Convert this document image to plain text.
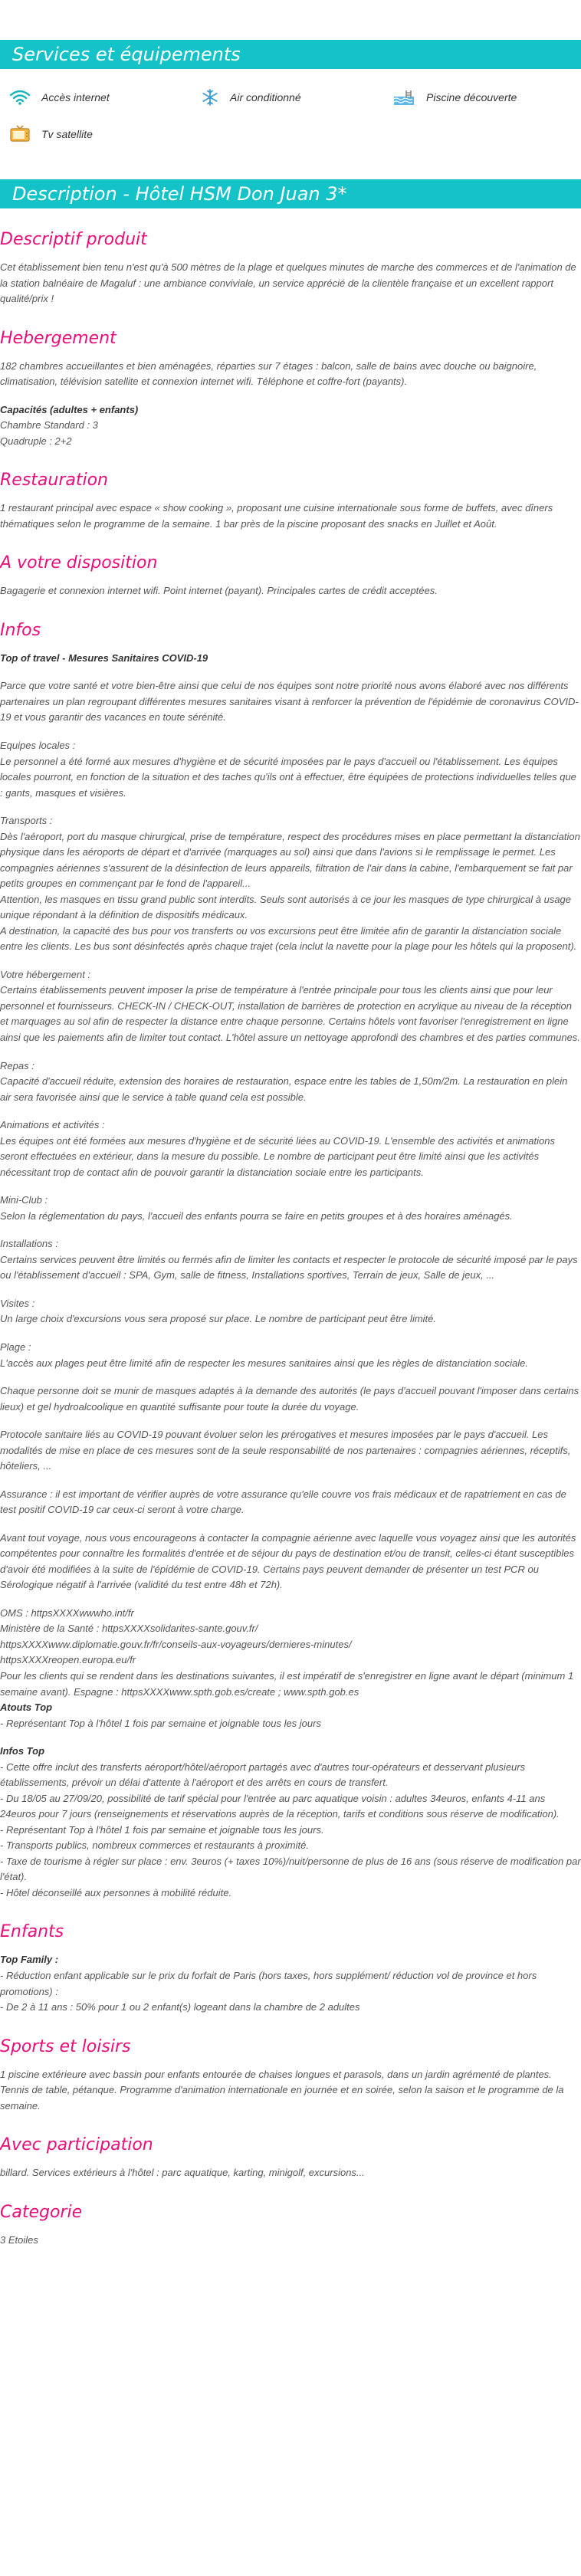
Services et équipements
Accès internet	Air conditionné	Piscine découverte
Tv satellite
Description - Hôtel HSM Don Juan 3*
Descriptif produit

Cet établissement bien tenu n'est qu'à 500 mètres de la plage et quelques minutes de marche des commerces et de l'animation de la station balnéaire de Magaluf : une ambiance conviviale, un service apprécié de la clientèle française et un excellent rapport qualité/prix !

Hebergement

182 chambres accueillantes et bien aménagées, réparties sur 7 étages : balcon, salle de bains avec douche ou baignoire, climatisation, télévision satellite et connexion internet wifi. Téléphone et coffre-fort (payants).

Capacités (adultes + enfants)

Chambre Standard : 3
Quadruple : 2+2

Restauration

1 restaurant principal avec espace « show cooking », proposant une cuisine internationale sous forme de buffets, avec dîners thématiques selon le programme de la semaine. 1 bar près de la piscine proposant des snacks en Juillet et Août.

A votre disposition

Bagagerie et connexion internet wifi. Point internet (payant). Principales cartes de crédit acceptées.

Infos

Top of travel - Mesures Sanitaires COVID-19

Parce que votre santé et votre bien-être ainsi que celui de nos équipes sont notre priorité nous avons élaboré avec nos différents partenaires un plan regroupant différentes mesures sanitaires visant à renforcer la prévention de l'épidémie de coronavirus COVID-19 et vous garantir des vacances en toute sérénité.

Equipes locales :
Le personnel a été formé aux mesures d'hygiène et de sécurité imposées par le pays d'accueil ou l'établissement. Les équipes locales pourront, en fonction de la situation et des taches qu'ils ont à effectuer, être équipées de protections individuelles telles que : gants, masques et visières.

Transports :
Dès l'aéroport, port du masque chirurgical, prise de température, respect des procédures mises en place permettant la distanciation physique dans les aéroports de départ et d'arrivée (marquages au sol) ainsi que dans l'avions si le remplissage le permet. Les compagnies aériennes s'assurent de la désinfection de leurs appareils, filtration de l'air dans la cabine, l'embarquement se fait par petits groupes en commençant par le fond de l'appareil...
Attention, les masques en tissu grand public sont interdits. Seuls sont autorisés à ce jour les masques de type chirurgical à usage unique répondant à la définition de dispositifs médicaux.
A destination, la capacité des bus pour vos transferts ou vos excursions peut être limitée afin de garantir la distanciation sociale entre les clients. Les bus sont désinfectés après chaque trajet (cela inclut la navette pour la plage pour les hôtels qui la proposent).

Votre hébergement :
Certains établissements peuvent imposer la prise de température à l'entrée principale pour tous les clients ainsi que pour leur personnel et fournisseurs. CHECK-IN / CHECK-OUT, installation de barrières de protection en acrylique au niveau de la réception et marquages au sol afin de respecter la distance entre chaque personne. Certains hôtels vont favoriser l'enregistrement en ligne ainsi que les paiements afin de limiter tout contact. L'hôtel assure un nettoyage approfondi des chambres et des parties communes.

Repas :
Capacité d'accueil réduite, extension des horaires de restauration, espace entre les tables de 1,50m/2m. La restauration en plein air sera favorisée ainsi que le service à table quand cela est possible.

Animations et activités :
Les équipes ont été formées aux mesures d'hygiène et de sécurité liées au COVID-19. L'ensemble des activités et animations seront effectuées en extérieur, dans la mesure du possible. Le nombre de participant peut être limité ainsi que les activités nécessitant trop de contact afin de pouvoir garantir la distanciation sociale entre les participants.

Mini-Club :
Selon la réglementation du pays, l'accueil des enfants pourra se faire en petits groupes et à des horaires aménagés.

Installations :
Certains services peuvent être limités ou fermés afin de limiter les contacts et respecter le protocole de sécurité imposé par le pays ou l'établissement d'accueil : SPA, Gym, salle de fitness, Installations sportives, Terrain de jeux, Salle de jeux, ...

Visites :
Un large choix d'excursions vous sera proposé sur place. Le nombre de participant peut être limité.

Plage :
L'accès aux plages peut être limité afin de respecter les mesures sanitaires ainsi que les règles de distanciation sociale.

Chaque personne doit se munir de masques adaptés à la demande des autorités (le pays d'accueil pouvant l'imposer dans certains lieux) et gel hydroalcoolique en quantité suffisante pour toute la durée du voyage.

Protocole sanitaire liés au COVID-19 pouvant évoluer selon les prérogatives et mesures imposées par le pays d'accueil. Les modalités de mise en place de ces mesures sont de la seule responsabilité de nos partenaires : compagnies aériennes, réceptifs, hôteliers, ...

Assurance : il est important de vérifier auprès de votre assurance qu'elle couvre vos frais médicaux et de rapatriement en cas de test positif COVID-19 car ceux-ci seront à votre charge.

Avant tout voyage, nous vous encourageons à contacter la compagnie aérienne avec laquelle vous voyagez ainsi que les autorités compétentes pour connaître les formalités d'entrée et de séjour du pays de destination et/ou de transit, celles-ci étant susceptibles d'avoir été modifiées à la suite de l'épidémie de COVID-19. Certains pays peuvent demander de présenter un test PCR ou Sérologique négatif à l'arrivée (validité du test entre 48h et 72h).

OMS : httpsXXXXwwwho.int/fr
Ministère de la Santé : httpsXXXXsolidarites-sante.gouv.fr/
httpsXXXXwww.diplomatie.gouv.fr/fr/conseils-aux-voyageurs/dernieres-minutes/
httpsXXXXreopen.europa.eu/fr
Pour les clients qui se rendent dans les destinations suivantes, il est impératif de s'enregistrer en ligne avant le départ (minimum 1 semaine avant). Espagne : httpsXXXXwww.spth.gob.es/create ; www.spth.gob.es

Atouts Top

- Représentant Top à l'hôtel 1 fois par semaine et joignable tous les jours

Infos Top

- Cette offre inclut des transferts aéroport/hôtel/aéroport partagés avec d'autres tour-opérateurs et desservant plusieurs établissements, prévoir un délai d'attente à l'aéroport et des arrêts en cours de transfert.
- Du 18/05 au 27/09/20, possibilité de tarif spécial pour l'entrée au parc aquatique voisin : adultes 34euros, enfants 4-11 ans 24euros pour 7 jours (renseignements et réservations auprès de la réception, tarifs et conditions sous réserve de modification).
- Représentant Top à l'hôtel 1 fois par semaine et joignable tous les jours.
- Transports publics, nombreux commerces et restaurants à proximité.
- Taxe de tourisme à régler sur place : env. 3euros (+ taxes 10%)/nuit/personne de plus de 16 ans (sous réserve de modification par l'état).
- Hôtel déconseillé aux personnes à mobilité réduite.

Enfants

Top Family :

- Réduction enfant applicable sur le prix du forfait de Paris (hors taxes, hors supplément/ réduction vol de province et hors promotions) :
- De 2 à 11 ans : 50% pour 1 ou 2 enfant(s) logeant dans la chambre de 2 adultes

Sports et loisirs

1 piscine extérieure avec bassin pour enfants entourée de chaises longues et parasols, dans un jardin agrémenté de plantes. Tennis de table, pétanque. Programme d'animation internationale en journée et en soirée, selon la saison et le programme de la semaine.

Avec participation

billard. Services extérieurs à l'hôtel : parc aquatique, karting, minigolf, excursions...

Categorie

3 Etoiles
